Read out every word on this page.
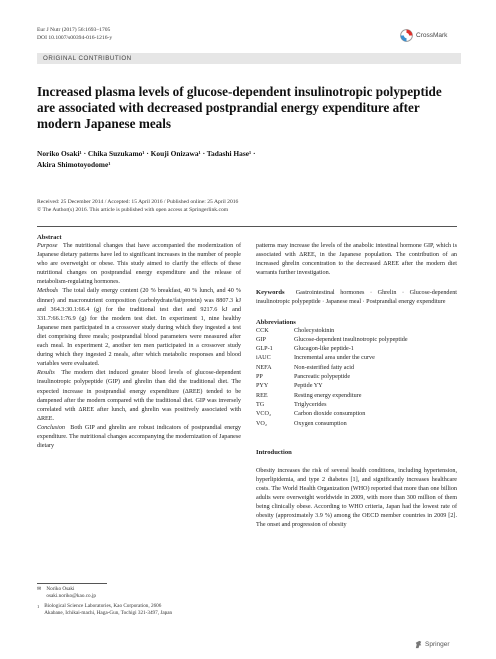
Eur J Nutr (2017) 56:1693–1705
DOI 10.1007/s00394-016-1216-y	CrossMark
ORIGINAL CONTRIBUTION
Increased plasma levels of glucose-dependent insulinotropic polypeptide are associated with decreased postprandial energy expenditure after modern Japanese meals
Noriko Osaki¹ · Chika Suzukamo¹ · Kouji Onizawa¹ · Tadashi Hase¹ ·
Akira Shimotoyodome¹
Received: 25 December 2014 / Accepted: 15 April 2016 / Published online: 25 April 2016
© The Author(s) 2016. This article is published with open access at Springerlink.com
Abstract

Purpose The nutritional changes that have accompanied the modernization of Japanese dietary patterns have led to significant increases in the number of people who are overweight or obese. This study aimed to clarify the effects of these nutritional changes on postprandial energy expenditure and the release of metabolism-regulating hormones.

Methods The total daily energy content (20 % breakfast, 40 % lunch, and 40 % dinner) and macronutrient composition (carbohydrate/fat/protein) was 8807.3 kJ and 364.3:30.1:66.4 (g) for the traditional test diet and 9217.6 kJ and 331.7:66.1:76.9 (g) for the modern test diet. In experiment 1, nine healthy Japanese men participated in a crossover study during which they ingested a test diet comprising three meals; postprandial blood parameters were measured after each meal. In experiment 2, another ten men participated in a crossover study during which they ingested 2 meals, after which metabolic responses and blood variables were evaluated.

Results The modern diet induced greater blood levels of glucose-dependent insulinotropic polypeptide (GIP) and ghrelin than did the traditional diet. The expected increase in postprandial energy expenditure (ΔREE) tended to be dampened after the modern compared with the traditional diet. GIP was inversely correlated with ΔREE after lunch, and ghrelin was positively associated with ΔREE.

Conclusion Both GIP and ghrelin are robust indicators of postprandial energy expenditure. The nutritional changes accompanying the modernization of Japanese dietary

✉ Noriko Osaki
osaki.noriko@kao.co.jp
1 Biological Science Laboratories, Kao Corporation, 2606
Akabane, Ichikai-machi, Haga-Gun, Tochigi 321-3497, Japan

patterns may increase the levels of the anabolic intestinal hormone GIP, which is associated with ΔREE, in the Japanese population. The contribution of an increased ghrelin concentration to the decreased ΔREE after the modern diet warrants further investigation.

Keywords Gastrointestinal hormones · Ghrelin · Glucose-dependent insulinotropic polypeptide · Japanese meal · Postprandial energy expenditure

Abbreviations
CCK	Cholecystokinin
GIP	Glucose-dependent insulinotropic polypeptide
GLP-1	Glucagon-like peptide-1
iAUC	Incremental area under the curve
NEFA	Non-esterified fatty acid
PP	Pancreatic polypeptide
PYY	Peptide YY
REE	Resting energy expenditure
TG	Triglycerides
VCO₂	Carbon dioxide consumption
VO₂	Oxygen consumption
Introduction

Obesity increases the risk of several health conditions, including hypertension, hyperlipidemia, and type 2 diabetes [1], and significantly increases healthcare costs. The World Health Organization (WHO) reported that more than one billion adults were overweight worldwide in 2009, with more than 300 million of them being clinically obese. According to WHO criteria, Japan had the lowest rate of obesity (approximately 3.9 %) among the OECD member countries in 2009 [2]. The onset and progression of obesity

Springer
